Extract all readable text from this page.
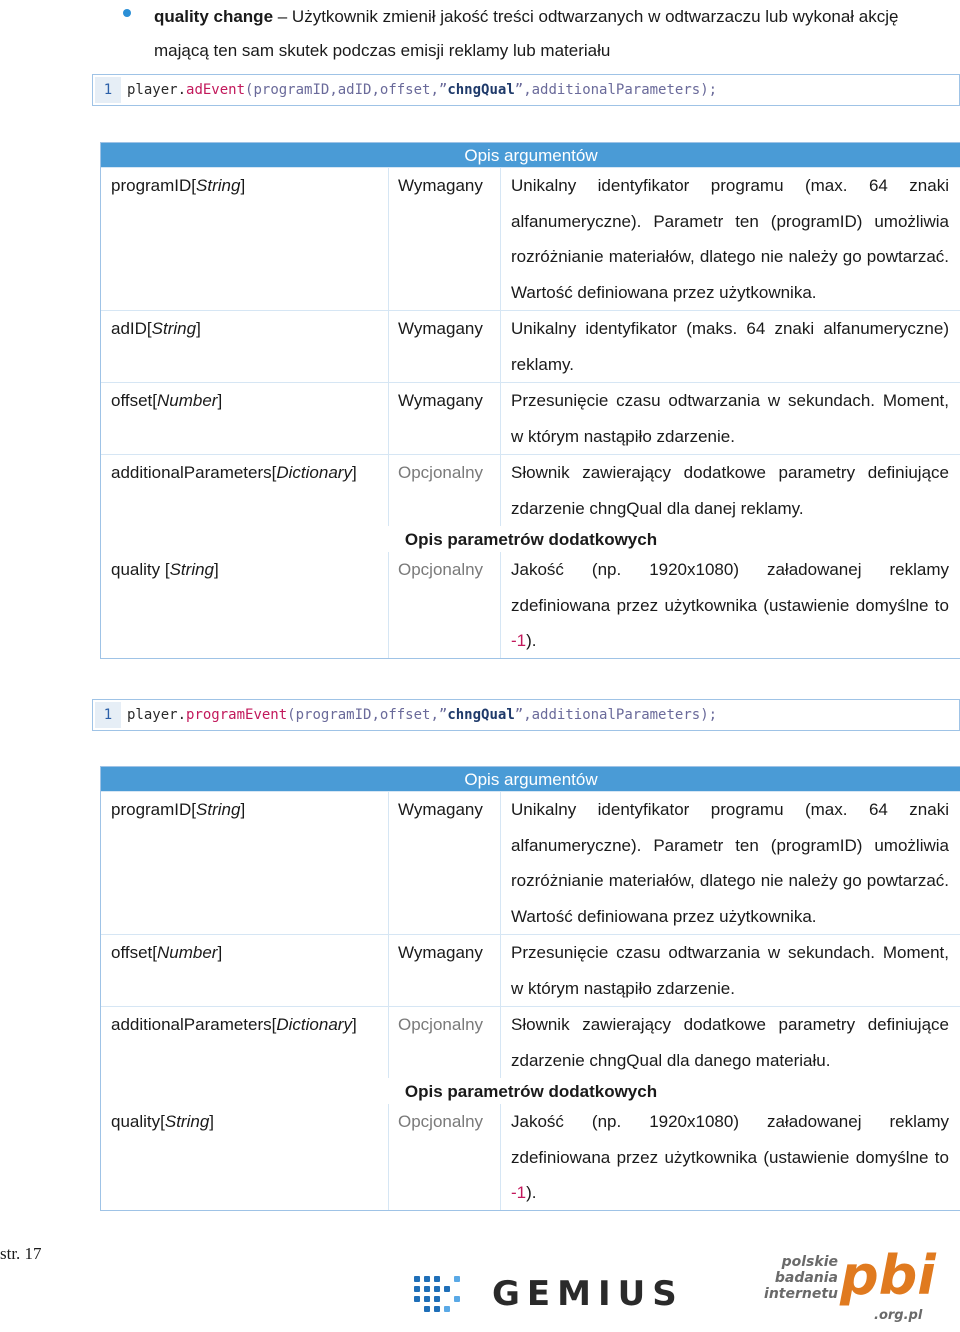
quality change – Użytkownik zmienił jakość treści odtwarzanych w odtwarzaczu lub wykonał akcję mającą ten sam skutek podczas emisji reklamy lub materiału
1	player.adEvent(programID,adID,offset,”chngQual”,additionalParameters);
Opis argumentów
programID[String]	Wymagany	Unikalny identyfikator programu (max. 64 znaki alfanumeryczne). Parametr ten (programID) umożliwia rozróżnianie materiałów, dlatego nie należy go powtarzać. Wartość definiowana przez użytkownika.
adID[String]	Wymagany	Unikalny identyfikator (maks. 64 znaki alfanumeryczne) reklamy.
offset[Number]	Wymagany	Przesunięcie czasu odtwarzania w sekundach. Moment, w którym nastąpiło zdarzenie.
additionalParameters[Dictionary]	Opcjonalny	Słownik zawierający dodatkowe parametry definiujące zdarzenie chngQual dla danej reklamy.
Opis parametrów dodatkowych
quality [String]	Opcjonalny	Jakość (np. 1920x1080) załadowanej reklamy zdefiniowana przez użytkownika (ustawienie domyślne to -1).
1	player.programEvent(programID,offset,”chngQual”,additionalParameters);
Opis argumentów
programID[String]	Wymagany	Unikalny identyfikator programu (max. 64 znaki alfanumeryczne). Parametr ten (programID) umożliwia rozróżnianie materiałów, dlatego nie należy go powtarzać. Wartość definiowana przez użytkownika.
offset[Number]	Wymagany	Przesunięcie czasu odtwarzania w sekundach. Moment, w którym nastąpiło zdarzenie.
additionalParameters[Dictionary]	Opcjonalny	Słownik zawierający dodatkowe parametry definiujące zdarzenie chngQual dla danego materiału.
Opis parametrów dodatkowych
quality[String]	Opcjonalny	Jakość (np. 1920x1080) załadowanej reklamy zdefiniowana przez użytkownika (ustawienie domyślne to -1).
str. 17
GEMIUS
polskie
badania
internetu pbi
.org.pl
